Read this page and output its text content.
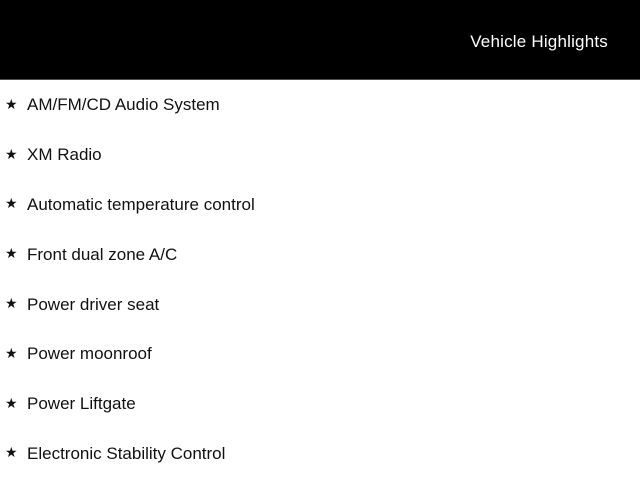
Vehicle Highlights
★ AM/FM/CD Audio System
★ XM Radio
★ Automatic temperature control
★ Front dual zone A/C
★ Power driver seat
★ Power moonroof
★ Power Liftgate
★ Electronic Stability Control
